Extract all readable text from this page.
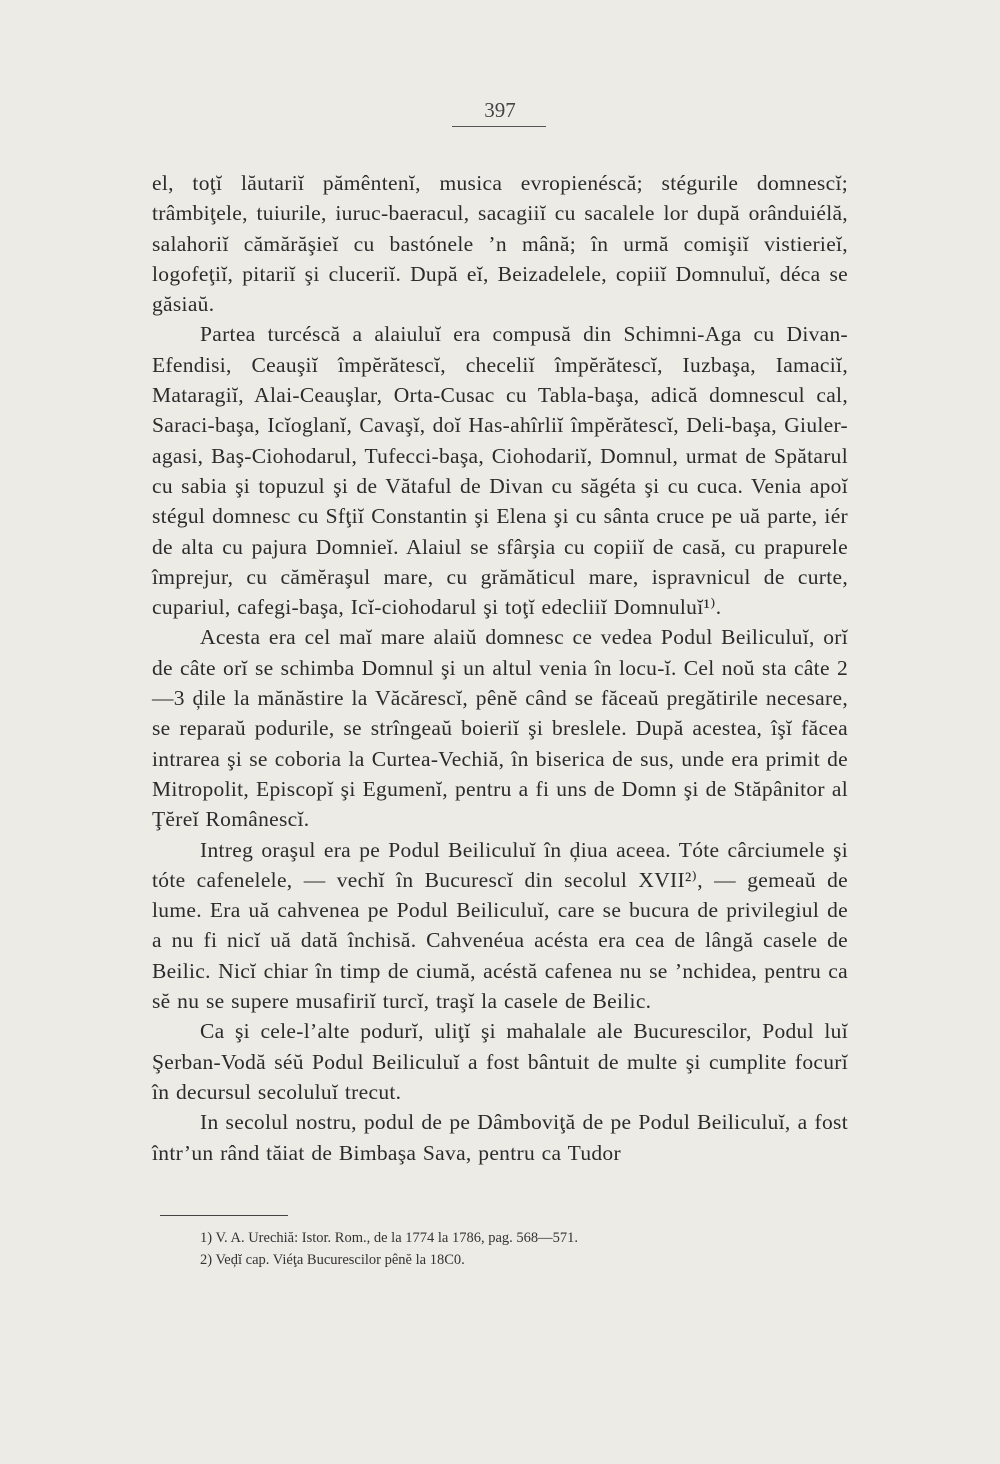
397

el, toţĭ lăutariĭ pămêntenĭ, musica evropienéscă; stégurile domnescĭ; trâmbiţele, tuiurile, iuruc-baeracul, sacagiiĭ cu sacalele lor după orânduiélă, salahoriĭ cămărăşieĭ cu bastónele ’n mână; în urmă comişiĭ vistierieĭ, logofeţiĭ, pitariĭ şi cluceriĭ. După eĭ, Beizadelele, copiiĭ Domnuluĭ, déca se găsiaŭ.

Partea turcéscă a alaiuluĭ era compusă din Schimni-Aga cu Divan-Efendisi, Ceauşiĭ împĕrătescĭ, checeliĭ împĕrătescĭ, Iuzbaşa, Iamaciĭ, Mataragiĭ, Alai-Ceauşlar, Orta-Cusac cu Tabla-başa, adică domnescul cal, Saraci-başa, Icĭoglanĭ, Cavaşĭ, doĭ Has-ahîrliĭ împĕrătescĭ, Deli-başa, Giuler-agasi, Baş-Ciohodarul, Tufecci-başa, Ciohodariĭ, Domnul, urmat de Spătarul cu sabia şi topuzul şi de Vătaful de Divan cu săgéta şi cu cuca. Venia apoĭ stégul domnesc cu Sfţiĭ Constantin şi Elena şi cu sânta cruce pe uă parte, iér de alta cu pajura Domnieĭ. Alaiul se sfârşia cu copiiĭ de casă, cu prapurele împrejur, cu cămĕraşul mare, cu grămăticul mare, ispravnicul de curte, cupariul, cafegi-başa, Icĭ-ciohodarul şi toţĭ edecliiĭ Domnuluĭ¹⁾.

Acesta era cel maĭ mare alaiŭ domnesc ce vedea Podul Beiliculuĭ, orĭ de câte orĭ se schimba Domnul şi un altul venia în locu-ĭ. Cel noŭ sta câte 2—3 ḑile la mănăstire la Văcărescĭ, pênĕ când se făceaŭ pregătirile necesare, se reparaŭ podurile, se strîngeaŭ boieriĭ şi breslele. După acestea, îşĭ făcea intrarea şi se coboria la Curtea-Vechiă, în biserica de sus, unde era primit de Mitropolit, Episcopĭ şi Egumenĭ, pentru a fi uns de Domn şi de Stăpânitor al Ţĕreĭ Românescĭ.

Intreg oraşul era pe Podul Beiliculuĭ în ḑiua aceea. Tóte cârciumele şi tóte cafenelele, — vechĭ în Bucurescĭ din secolul XVII²⁾, — gemeaŭ de lume. Era uă cahvenea pe Podul Beiliculuĭ, care se bucura de privilegiul de a nu fi nicĭ uă dată închisă. Cahvenéua acésta era cea de lângă casele de Beilic. Nicĭ chiar în timp de ciumă, acéstă cafenea nu se ’nchidea, pentru ca sĕ nu se supere musafiriĭ turcĭ, traşĭ la casele de Beilic.

Ca şi cele-l’alte podurĭ, uliţĭ şi mahalale ale Bucurescilor, Podul luĭ Şerban-Vodă séŭ Podul Beiliculuĭ a fost bântuit de multe şi cumplite focurĭ în decursul secoluluĭ trecut.

In secolul nostru, podul de pe Dâmboviţă de pe Podul Beiliculuĭ, a fost într’un rând tăiat de Bimbaşa Sava, pentru ca Tudor

1) V. A. Urechiă: Istor. Rom., de la 1774 la 1786, pag. 568—571.
2) Veḑĭ cap. Viéţa Bucurescilor pênĕ la 18C0.
